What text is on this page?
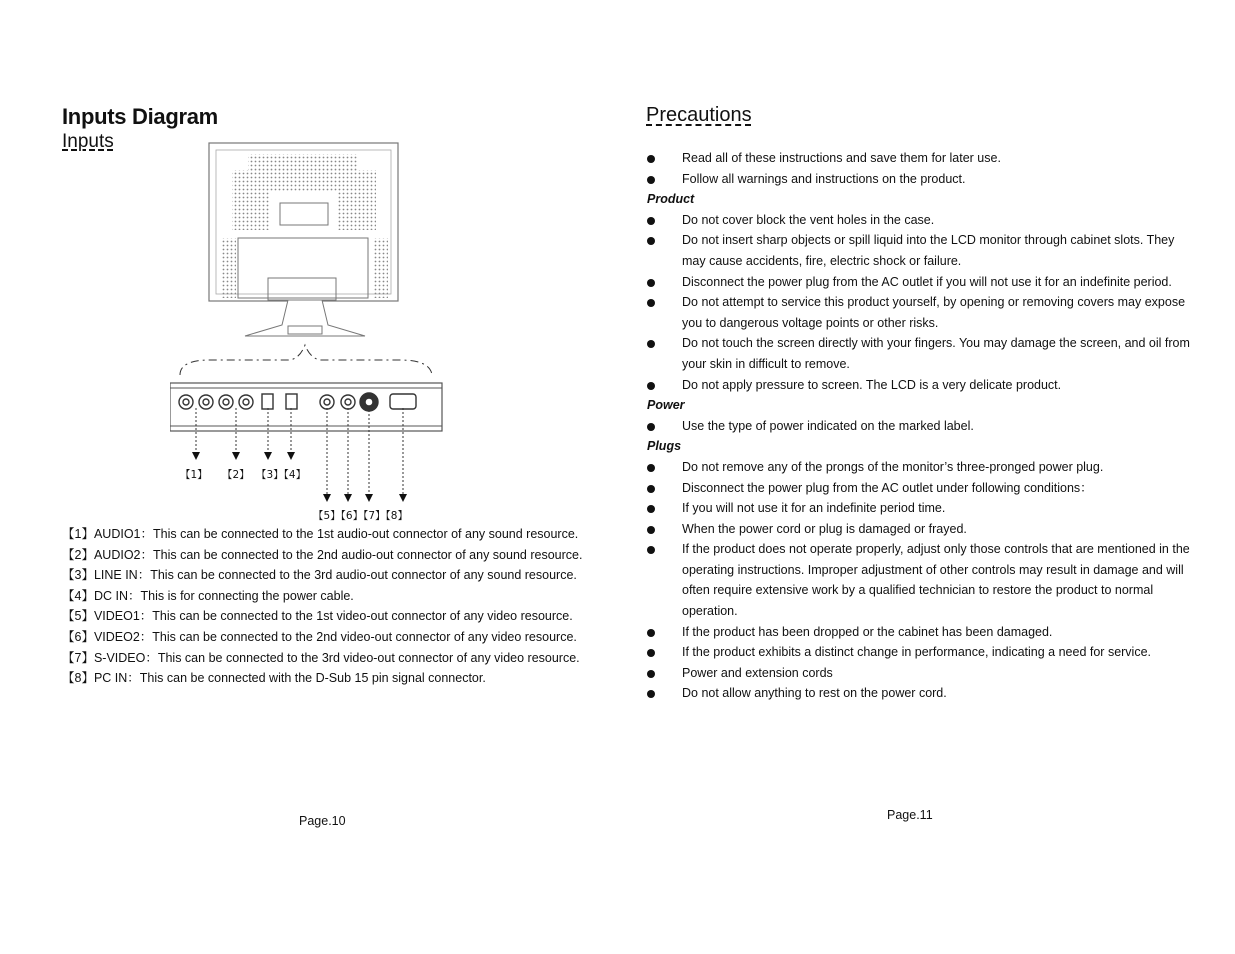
Inputs Diagram
Inputs
【1】 【2】 【3】【4】
【5】【6】【7】【8】
【1】AUDIO1：This can be connected to the 1st audio-out connector of any sound resource.
【2】AUDIO2：This can be connected to the 2nd audio-out connector of any sound resource.
【3】LINE IN：This can be connected to the 3rd audio-out connector of any sound resource.
【4】DC IN：This is for connecting the power cable.
【5】VIDEO1：This can be connected to the 1st video-out connector of any video resource.
【6】VIDEO2：This can be connected to the 2nd video-out connector of any video resource.
【7】S-VIDEO：This can be connected to the 3rd video-out connector of any video resource.
【8】PC IN：This can be connected with the D-Sub 15 pin signal connector.
Page.10
Precautions
Read all of these instructions and save them for later use.
Follow all warnings and instructions on the product.
Product
Do not cover block the vent holes in the case.
Do not insert sharp objects or spill liquid into the LCD monitor through cabinet slots. They
may cause accidents, fire, electric shock or failure.
Disconnect the power plug from the AC outlet if you will not use it for an indefinite period.
Do not attempt to service this product yourself, by opening or removing covers may expose
you to dangerous voltage points or other risks.
Do not touch the screen directly with your fingers. You may damage the screen, and oil from
your skin in difficult to remove.
Do not apply pressure to screen. The LCD is a very delicate product.
Power
Use the type of power indicated on the marked label.
Plugs
Do not remove any of the prongs of the monitor’s three-pronged power plug.
Disconnect the power plug from the AC outlet under following conditions：
If you will not use it for an indefinite period time.
When the power cord or plug is damaged or frayed.
If the product does not operate properly, adjust only those controls that are mentioned in the
operating instructions. Improper adjustment of other controls may result in damage and will
often require extensive work by a qualified technician to restore the product to normal
operation.
If the product has been dropped or the cabinet has been damaged.
If the product exhibits a distinct change in performance, indicating a need for service.
Power and extension cords
Do not allow anything to rest on the power cord.
Page.11
